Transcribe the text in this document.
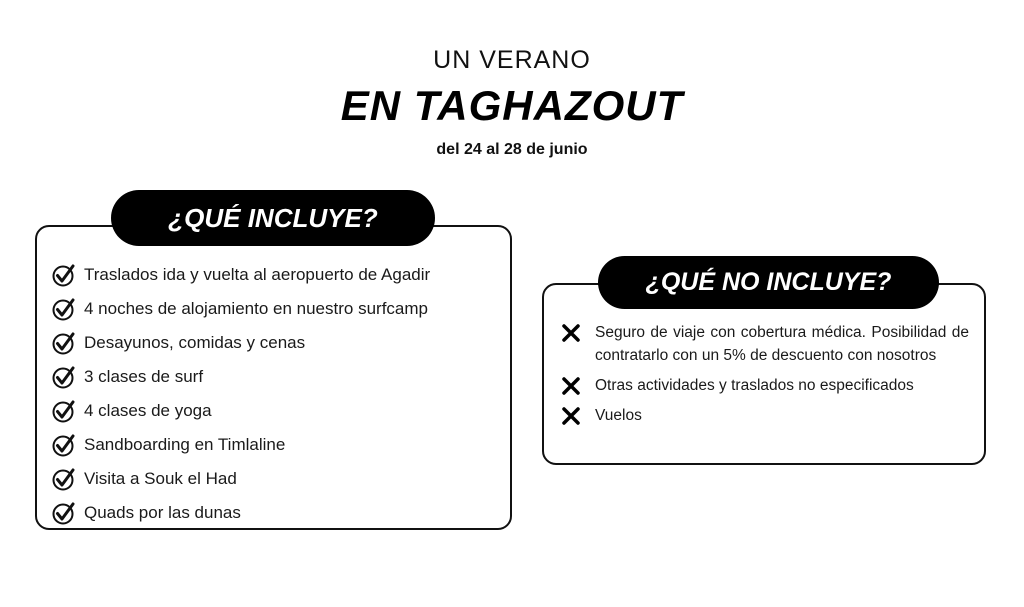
UN VERANO
EN TAGHAZOUT
del 24 al 28 de junio
¿QUÉ INCLUYE?
Traslados ida y vuelta al aeropuerto de Agadir
4 noches de alojamiento en nuestro surfcamp
Desayunos, comidas y cenas
3 clases de surf
4 clases de yoga
Sandboarding en Timlaline
Visita a Souk el Had
Quads por las dunas
¿QUÉ NO INCLUYE?
Seguro de viaje con cobertura médica. Posibilidad de contratarlo con un 5% de descuento con nosotros
Otras actividades y traslados no especificados
Vuelos
